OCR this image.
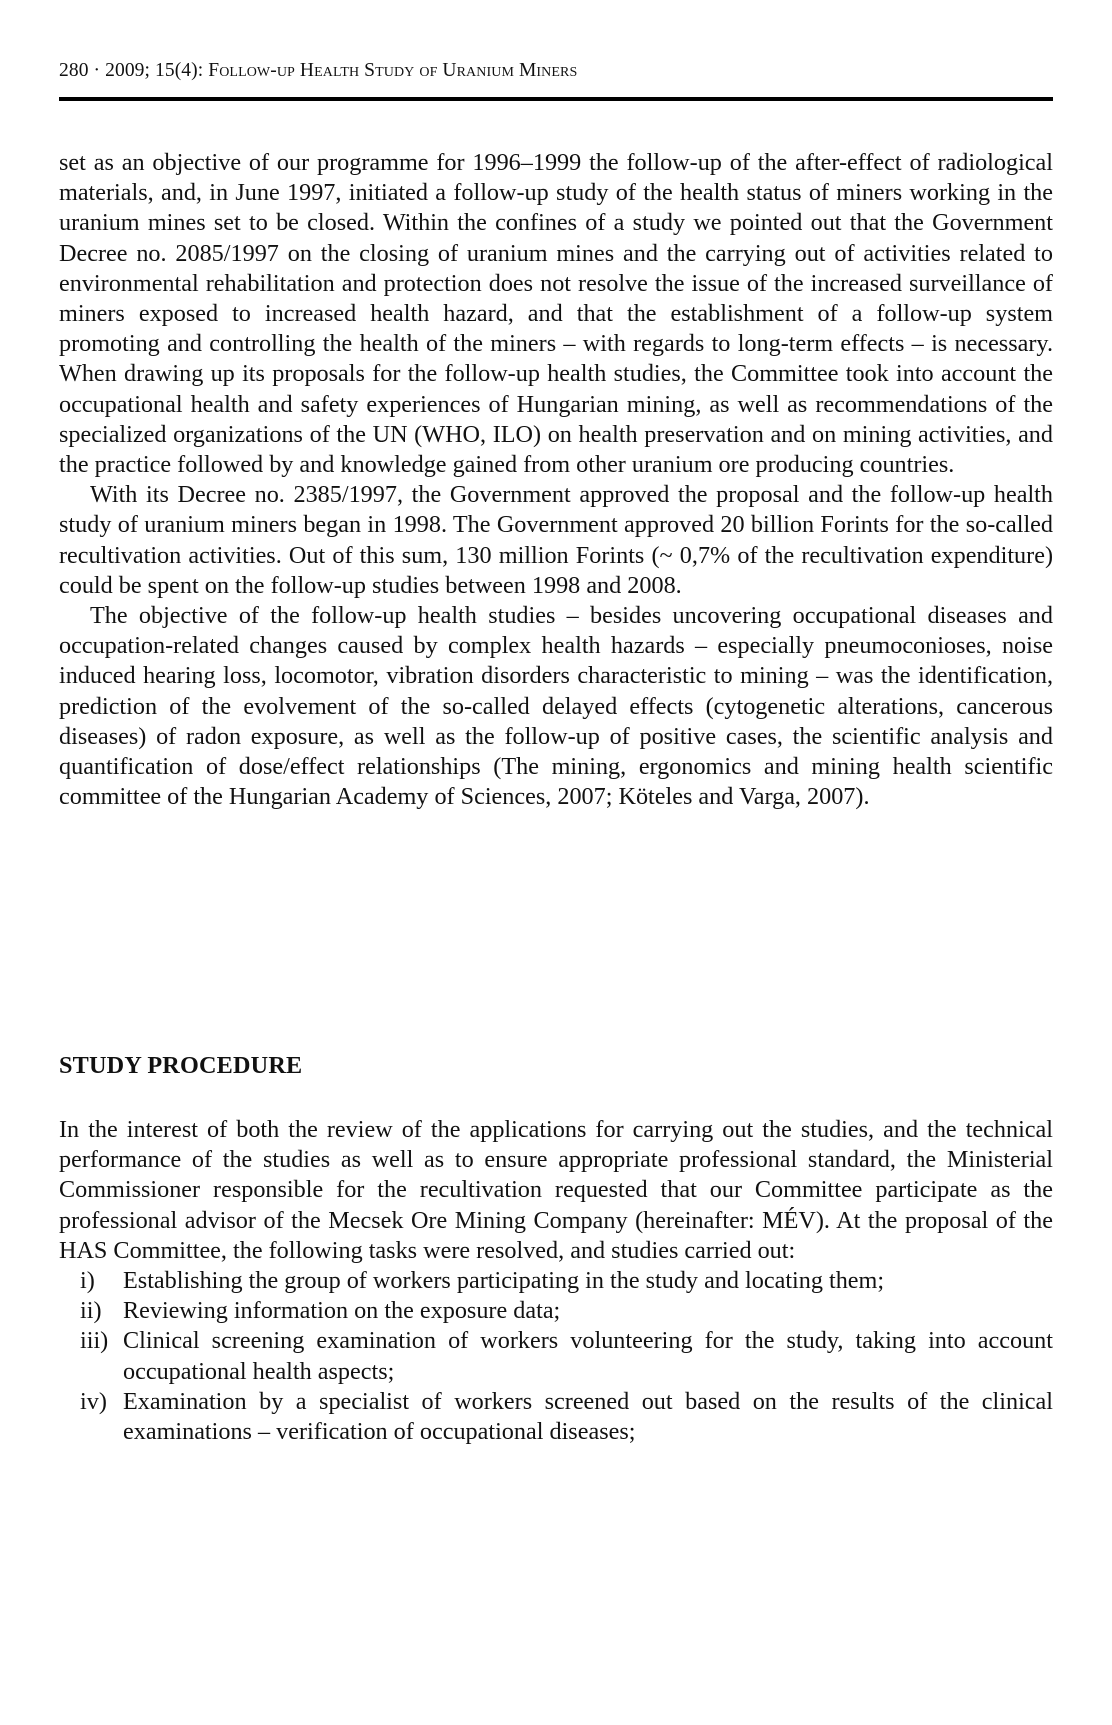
280 · 2009; 15(4): Follow-up Health Study of Uranium Miners

set as an objective of our programme for 1996–1999 the follow-up of the after-effect of radiological materials, and, in June 1997, initiated a follow-up study of the health status of miners working in the uranium mines set to be closed. Within the confines of a study we pointed out that the Government Decree no. 2085/1997 on the closing of uranium mines and the carrying out of activities related to environmental rehabilitation and protection does not resolve the issue of the increased surveillance of miners exposed to increased health hazard, and that the establishment of a follow-up system promoting and controlling the health of the miners – with regards to long-term effects – is necessary. When drawing up its proposals for the follow-up health studies, the Committee took into account the occupational health and safety experiences of Hungarian mining, as well as recommendations of the specialized organizations of the UN (WHO, ILO) on health preservation and on mining activities, and the practice followed by and knowledge gained from other uranium ore producing countries.

With its Decree no. 2385/1997, the Government approved the proposal and the follow-up health study of uranium miners began in 1998. The Government approved 20 billion Forints for the so-called recultivation activities. Out of this sum, 130 million Forints (~ 0,7% of the recultivation expenditure) could be spent on the follow-up studies between 1998 and 2008.

The objective of the follow-up health studies – besides uncovering occupational diseases and occupation-related changes caused by complex health hazards – especially pneumoconioses, noise induced hearing loss, locomotor, vibration disorders characteristic to mining – was the identification, prediction of the evolvement of the so-called delayed effects (cytogenetic alterations, cancerous diseases) of radon exposure, as well as the follow-up of positive cases, the scientific analysis and quantification of dose/effect relationships (The mining, ergonomics and mining health scientific committee of the Hungarian Academy of Sciences, 2007; Köteles and Varga, 2007).

STUDY PROCEDURE

In the interest of both the review of the applications for carrying out the studies, and the technical performance of the studies as well as to ensure appropriate professional standard, the Ministerial Commissioner responsible for the recultivation requested that our Committee participate as the professional advisor of the Mecsek Ore Mining Company (hereinafter: MÉV). At the proposal of the HAS Committee, the following tasks were resolved, and studies carried out:

i) Establishing the group of workers participating in the study and locating them;
ii) Reviewing information on the exposure data;
iii) Clinical screening examination of workers volunteering for the study, taking into account occupational health aspects;
iv) Examination by a specialist of workers screened out based on the results of the clinical examinations – verification of occupational diseases;
